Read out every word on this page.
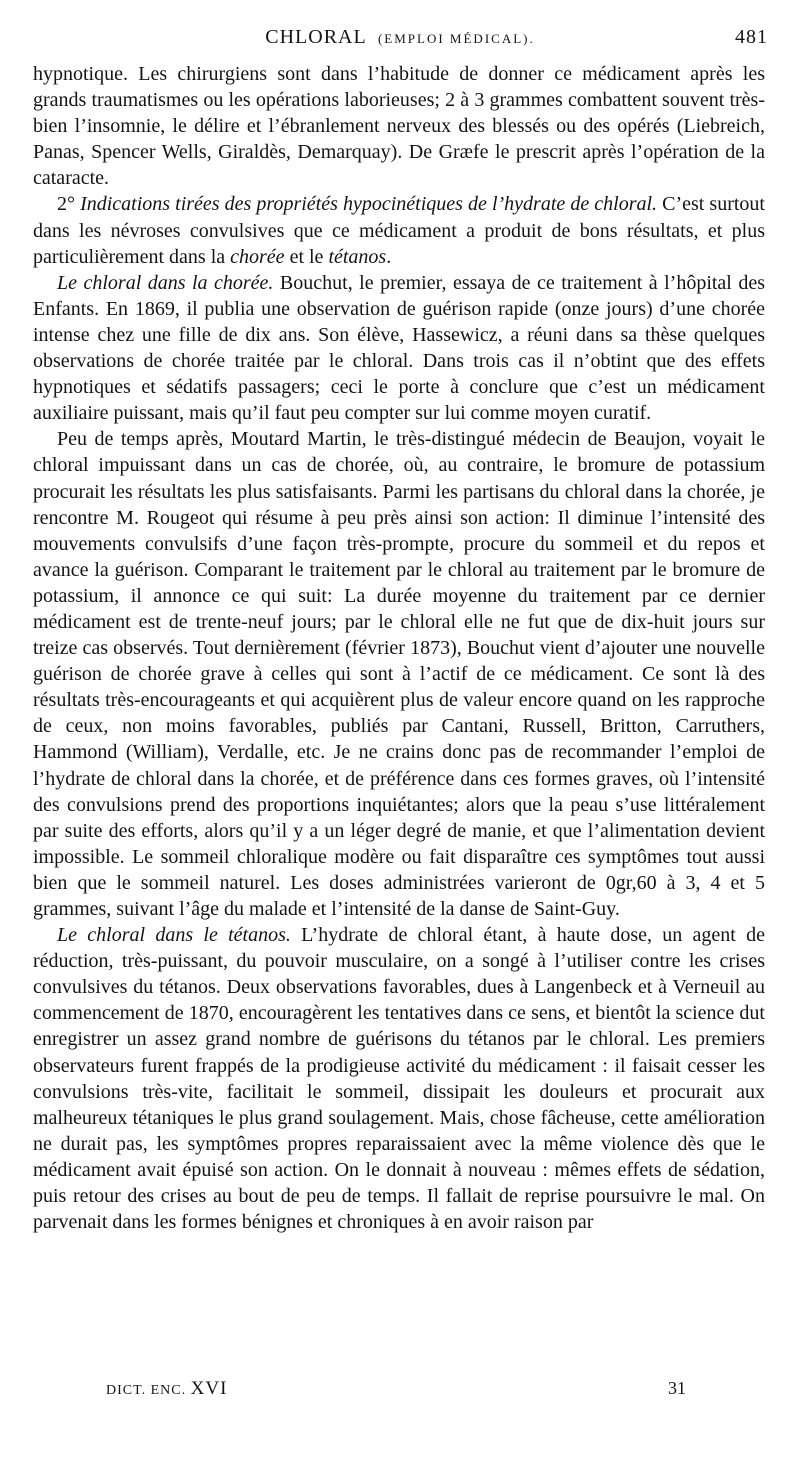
CHLORAL (EMPLOI MÉDICAL).	481

hypnotique. Les chirurgiens sont dans l’habitude de donner ce médicament après les grands traumatismes ou les opérations laborieuses; 2 à 3 grammes combattent souvent très-bien l’insomnie, le délire et l’ébranlement nerveux des blessés ou des opérés (Liebreich, Panas, Spencer Wells, Giraldès, Demarquay). De Græfe le prescrit après l’opération de la cataracte.

2° Indications tirées des propriétés hypocinétiques de l’hydrate de chloral. C’est surtout dans les névroses convulsives que ce médicament a produit de bons résultats, et plus particulièrement dans la chorée et le tétanos.

Le chloral dans la chorée. Bouchut, le premier, essaya de ce traitement à l’hôpital des Enfants. En 1869, il publia une observation de guérison rapide (onze jours) d’une chorée intense chez une fille de dix ans. Son élève, Hassewicz, a réuni dans sa thèse quelques observations de chorée traitée par le chloral. Dans trois cas il n’obtint que des effets hypnotiques et sédatifs passagers; ceci le porte à conclure que c’est un médicament auxiliaire puissant, mais qu’il faut peu compter sur lui comme moyen curatif.

Peu de temps après, Moutard Martin, le très-distingué médecin de Beaujon, voyait le chloral impuissant dans un cas de chorée, où, au contraire, le bromure de potassium procurait les résultats les plus satisfaisants. Parmi les partisans du chloral dans la chorée, je rencontre M. Rougeot qui résume à peu près ainsi son action: Il diminue l’intensité des mouvements convulsifs d’une façon très-prompte, procure du sommeil et du repos et avance la guérison. Comparant le traitement par le chloral au traitement par le bromure de potassium, il annonce ce qui suit: La durée moyenne du traitement par ce dernier médicament est de trente-neuf jours; par le chloral elle ne fut que de dix-huit jours sur treize cas observés. Tout dernièrement (février 1873), Bouchut vient d’ajouter une nouvelle guérison de chorée grave à celles qui sont à l’actif de ce médicament. Ce sont là des résultats très-encourageants et qui acquièrent plus de valeur encore quand on les rapproche de ceux, non moins favorables, publiés par Cantani, Russell, Britton, Carruthers, Hammond (William), Verdalle, etc. Je ne crains donc pas de recommander l’emploi de l’hydrate de chloral dans la chorée, et de préférence dans ces formes graves, où l’intensité des convulsions prend des proportions inquiétantes; alors que la peau s’use littéralement par suite des efforts, alors qu’il y a un léger degré de manie, et que l’alimentation devient impossible. Le sommeil chloralique modère ou fait disparaître ces symptômes tout aussi bien que le sommeil naturel. Les doses administrées varieront de 0gr,60 à 3, 4 et 5 grammes, suivant l’âge du malade et l’intensité de la danse de Saint-Guy.

Le chloral dans le tétanos. L’hydrate de chloral étant, à haute dose, un agent de réduction, très-puissant, du pouvoir musculaire, on a songé à l’utiliser contre les crises convulsives du tétanos. Deux observations favorables, dues à Langenbeck et à Verneuil au commencement de 1870, encouragèrent les tentatives dans ce sens, et bientôt la science dut enregistrer un assez grand nombre de guérisons du tétanos par le chloral. Les premiers observateurs furent frappés de la prodigieuse activité du médicament : il faisait cesser les convulsions très-vite, facilitait le sommeil, dissipait les douleurs et procurait aux malheureux tétaniques le plus grand soulagement. Mais, chose fâcheuse, cette amélioration ne durait pas, les symptômes propres reparaissaient avec la même violence dès que le médicament avait épuisé son action. On le donnait à nouveau : mêmes effets de sédation, puis retour des crises au bout de peu de temps. Il fallait de reprise poursuivre le mal. On parvenait dans les formes bénignes et chroniques à en avoir raison par

DICT. ENC. XVI	31
